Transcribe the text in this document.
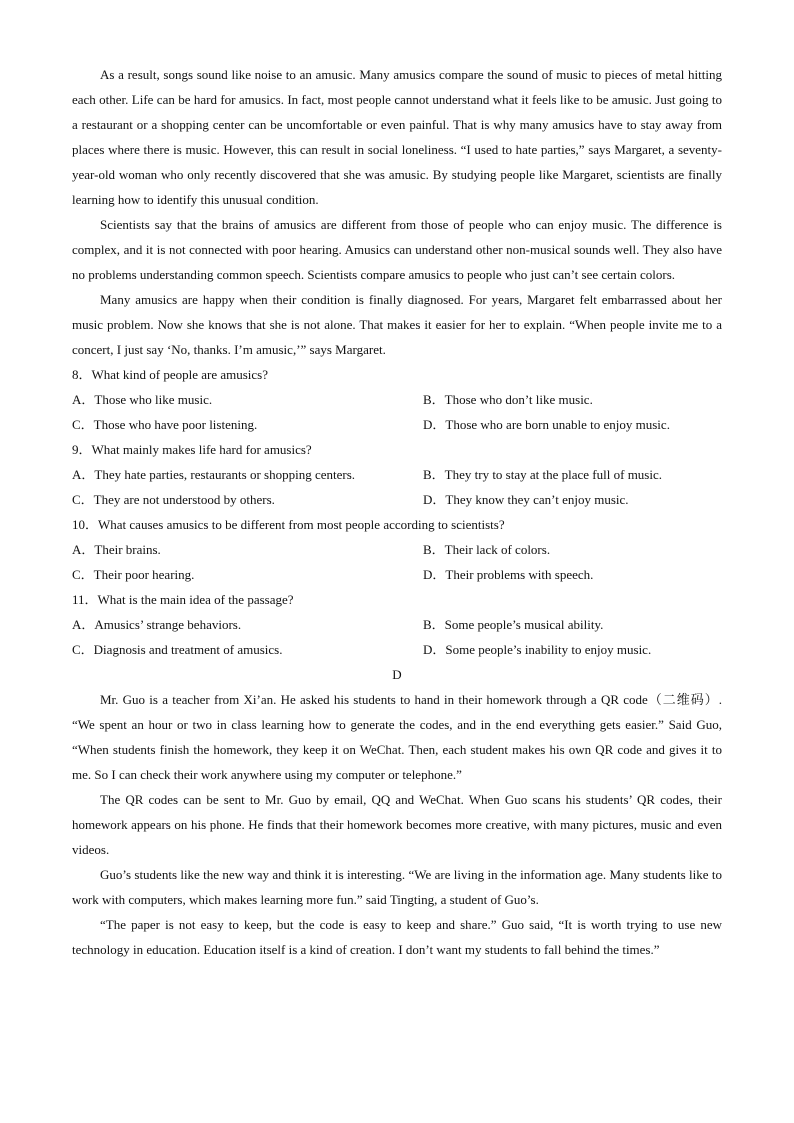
As a result, songs sound like noise to an amusic. Many amusics compare the sound of music to pieces of metal hitting each other. Life can be hard for amusics. In fact, most people cannot understand what it feels like to be amusic. Just going to a restaurant or a shopping center can be uncomfortable or even painful. That is why many amusics have to stay away from places where there is music. However, this can result in social loneliness. “I used to hate parties,” says Margaret, a seventy-year-old woman who only recently discovered that she was amusic. By studying people like Margaret, scientists are finally learning how to identify this unusual condition.

Scientists say that the brains of amusics are different from those of people who can enjoy music. The difference is complex, and it is not connected with poor hearing. Amusics can understand other non-musical sounds well. They also have no problems understanding common speech. Scientists compare amusics to people who just can’t see certain colors.

Many amusics are happy when their condition is finally diagnosed. For years, Margaret felt embarrassed about her music problem. Now she knows that she is not alone. That makes it easier for her to explain. “When people invite me to a concert, I just say ‘No, thanks. I’m amusic,’” says Margaret.

8．What kind of people are amusics?

A．Those who like music.	B．Those who don’t like music.
C．Those who have poor listening.	D．Those who are born unable to enjoy music.

9．What mainly makes life hard for amusics?

A．They hate parties, restaurants or shopping centers.	B．They try to stay at the place full of music.
C．They are not understood by others.	D．They know they can’t enjoy music.

10．What causes amusics to be different from most people according to scientists?

A．Their brains.	B．Their lack of colors.
C．Their poor hearing.	D．Their problems with speech.

11．What is the main idea of the passage?

A．Amusics’ strange behaviors.	B．Some people’s musical ability.
C．Diagnosis and treatment of amusics.	D．Some people’s inability to enjoy music.

D

Mr. Guo is a teacher from Xi’an. He asked his students to hand in their homework through a QR code（二维码）. “We spent an hour or two in class learning how to generate the codes, and in the end everything gets easier.” Said Guo, “When students finish the homework, they keep it on WeChat. Then, each student makes his own QR code and gives it to me. So I can check their work anywhere using my computer or telephone.”

The QR codes can be sent to Mr. Guo by email, QQ and WeChat. When Guo scans his students’ QR codes, their homework appears on his phone. He finds that their homework becomes more creative, with many pictures, music and even videos.

Guo’s students like the new way and think it is interesting. “We are living in the information age. Many students like to work with computers, which makes learning more fun.” said Tingting, a student of Guo’s.

“The paper is not easy to keep, but the code is easy to keep and share.” Guo said, “It is worth trying to use new technology in education. Education itself is a kind of creation. I don’t want my students to fall behind the times.”
